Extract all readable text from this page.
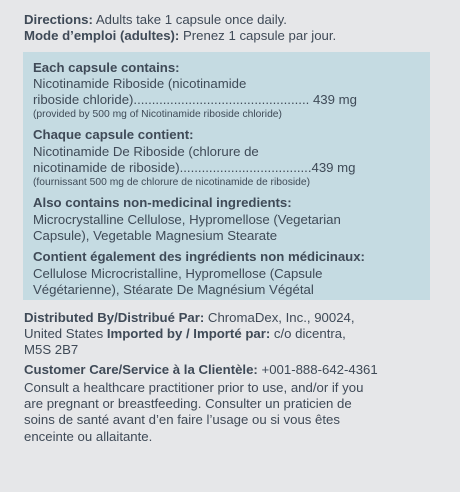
Directions: Adults take 1 capsule once daily.
Mode d’emploi (adultes): Prenez 1 capsule par jour.
Each capsule contains:
Nicotinamide Riboside (nicotinamide
riboside chloride)................................................ 439 mg
(provided by 500 mg of Nicotinamide riboside chloride)
Chaque capsule contient:
Nicotinamide De Riboside (chlorure de
nicotinamide de riboside)....................................439 mg
(fournissant 500 mg de chlorure de nicotinamide de riboside)
Also contains non-medicinal ingredients:
Microcrystalline Cellulose, Hypromellose (Vegetarian
Capsule), Vegetable Magnesium Stearate
Contient également des ingrédients non médicinaux:
Cellulose Microcristalline, Hypromellose (Capsule
Végétarienne), Stéarate De Magnésium Végétal
Distributed By/Distribué Par: ChromaDex, Inc., 90024,
United States Imported by / Importé par: c/o dicentra,
M5S 2B7
Customer Care/Service à la Clientèle: +001-888-642-4361
Consult a healthcare practitioner prior to use, and/or if you
are pregnant or breastfeeding. Consulter un praticien de
soins de santé avant d’en faire l’usage ou si vous êtes
enceinte ou allaitante.
